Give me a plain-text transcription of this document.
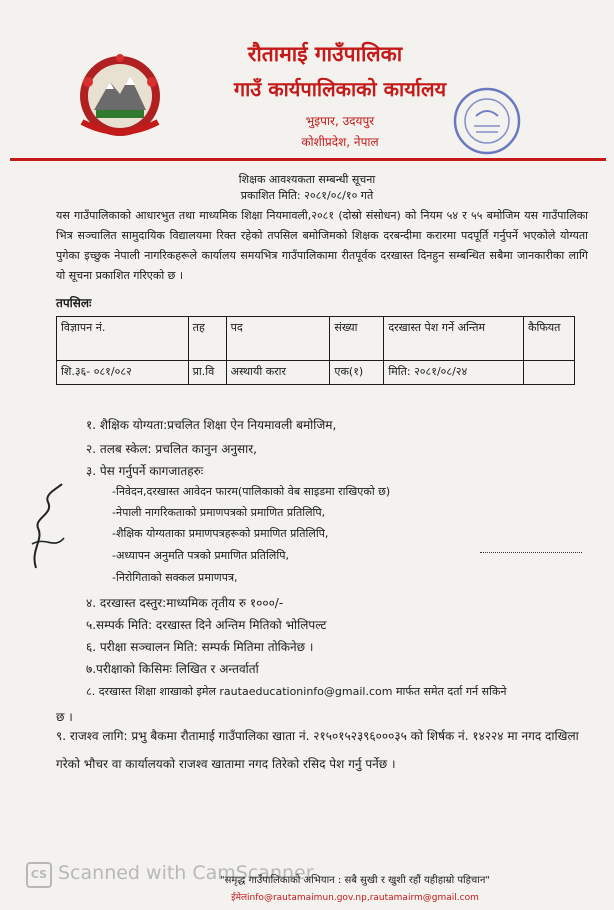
रौतामाई गाउँपालिका
गाउँ कार्यपालिकाको कार्यालय
भुइपार, उदयपुर
कोशीप्रदेश, नेपाल
शिक्षक आवश्यकता सम्बन्धी सूचना
प्रकाशित मिति: २०८१/०८/१० गते
यस गाउँपालिकाको आधारभुत तथा माध्यमिक शिक्षा नियमावली,२०८१ (दोस्रो संसोधन) को नियम ५४ र ५५ बमोजिम यस गाउँपालिका भित्र सञ्चालित सामुदायिक विद्यालयमा रिक्त रहेको तपसिल बमोजिमको शिक्षक दरबन्दीमा करारमा पदपूर्ति गर्नुपर्ने भएकोले योग्यता पुगेका इच्छुक नेपाली नागरिकहरूले कार्यालय समयभित्र गाउँपालिकामा रीतपूर्वक दरखास्त दिनहुन सम्बन्धित सबैमा जानकारीका लागि यो सूचना प्रकाशित गरिएको छ ।
तपसिलः
विज्ञापन नं.	तह	पद	संख्या	दरखास्त पेश गर्ने अन्तिम	कैफियत
शि.३६- ०८१/०८२	प्रा.वि	अस्थायी करार	एक(१)	मिति: २०८१/०८/२४	
१. शैक्षिक योग्यता:प्रचलित शिक्षा ऐन नियमावली बमोजिम,
२. तलब स्केल: प्रचलित कानुन अनुसार,
३. पेस गर्नुपर्ने कागजातहरुः
-निवेदन,दरखास्त आवेदन फारम(पालिकाको वेब साइडमा राखिएको छ)
-नेपाली नागरिकताको प्रमाणपत्रको प्रमाणित प्रतिलिपि,
-शैक्षिक योग्यताका प्रमाणपत्रहरूको प्रमाणित प्रतिलिपि,
-अध्यापन अनुमति पत्रको प्रमाणित प्रतिलिपि,
-निरोगिताको सक्कल प्रमाणपत्र,
४. दरखास्त दस्तुर:माध्यमिक तृतीय रु १०००/-
५.सम्पर्क मिति: दरखास्त दिने अन्तिम मितिको भोलिपल्ट
६. परीक्षा सञ्चालन मिति: सम्पर्क मितिमा तोकिनेछ ।
७.परीक्षाको किसिमः लिखित र अन्तर्वार्ता
८. दरखास्त शिक्षा शाखाको इमेल rautaeducationinfo@gmail.com मार्फत समेत दर्ता गर्न सकिने
छ ।
९. राजश्व लागि: प्रभु बैकमा रौतामाई गाउँपालिका खाता नं. २१५०१५२३९६०००३५ को शिर्षक नं. १४२२४ मा नगद दाखिला गरेको भौचर वा कार्यालयको राजश्व खातामा नगद तिरेको रसिद पेश गर्नु पर्नेछ ।
CS Scanned with CamScanner
"समृद्ध गाउँपालिकाको अभियान : सबै सुखी र खुशी रहौं यहीहाम्रो पहिचान"
ईमेलinfo@rautamaimun.gov.np,rautamairm@gmail.com
